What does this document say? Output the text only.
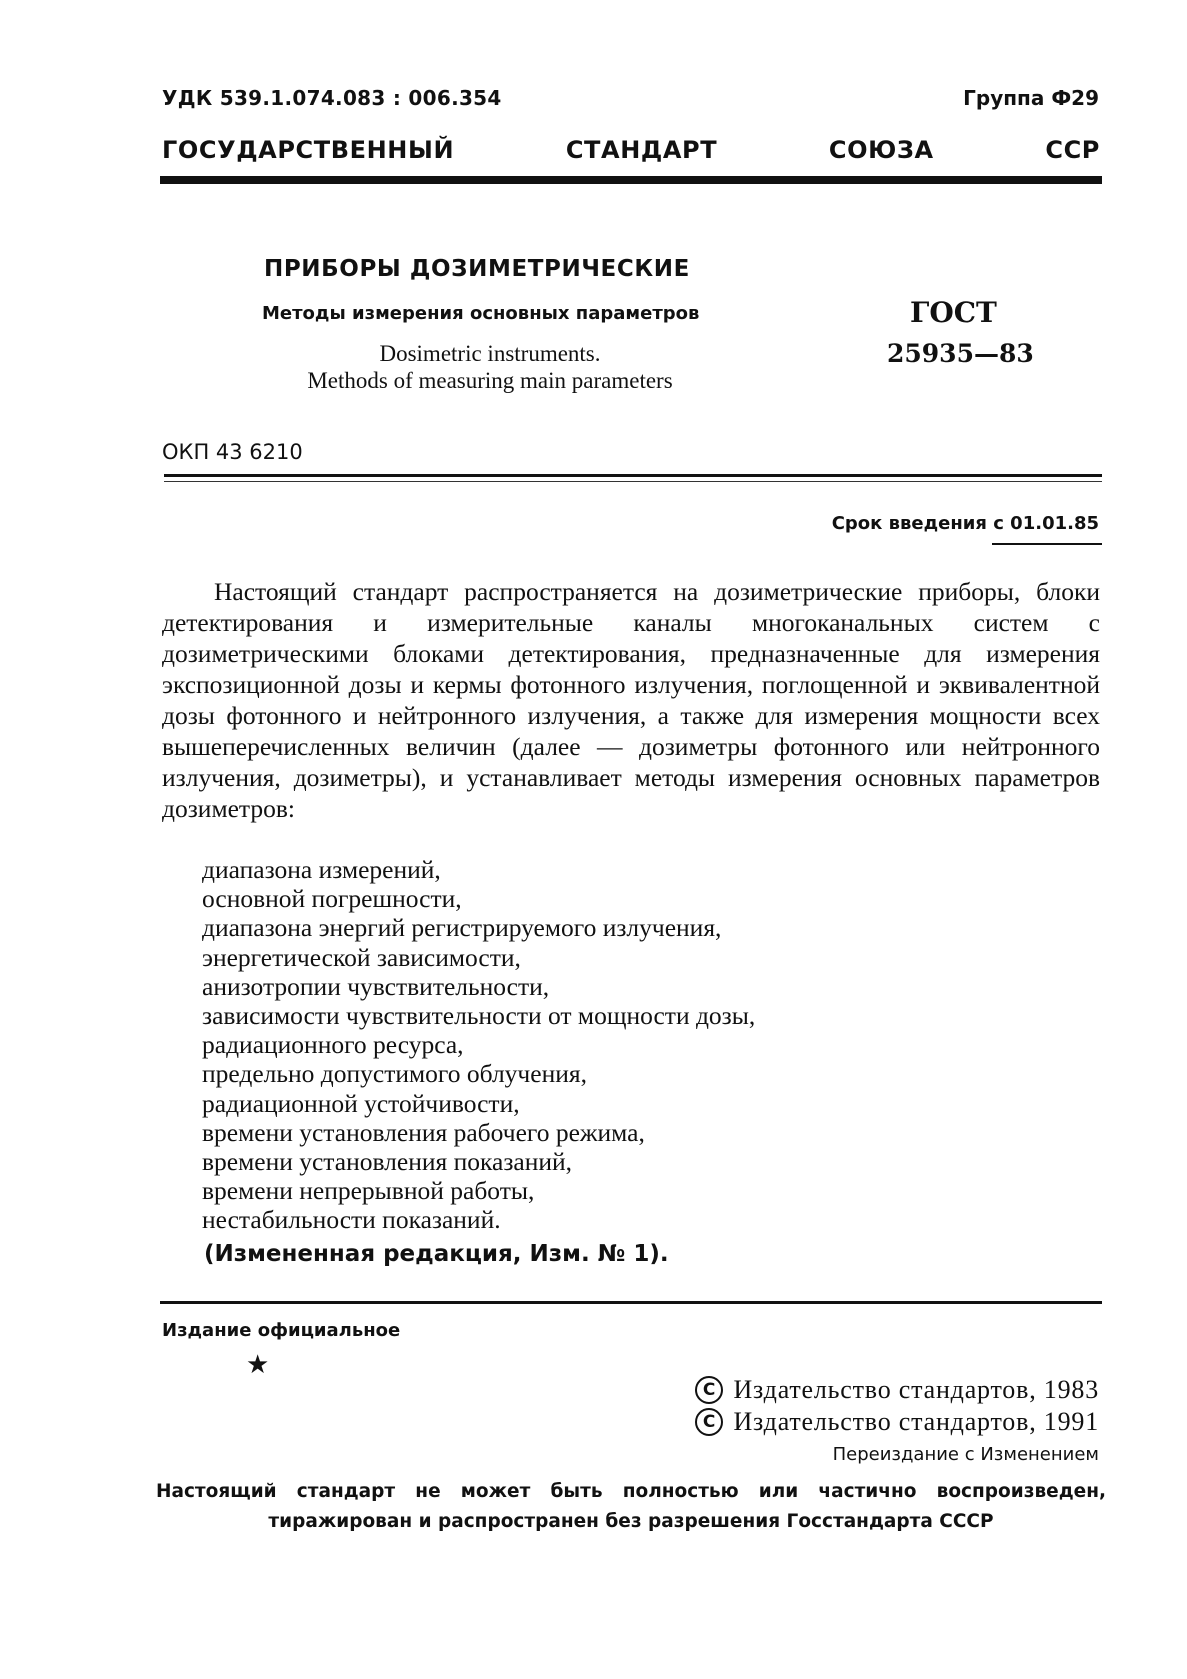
УДК 539.1.074.083 : 006.354	Группа Ф29
ГОСУДАРСТВЕННЫЙ СТАНДАРТ СОЮЗА ССР
ПРИБОРЫ ДОЗИМЕТРИЧЕСКИЕ
Методы измерения основных параметров
Dosimetric instruments.
Methods of measuring main parameters
ГОСТ
25935—83
ОКП 43 6210
Срок введения с 01.01.85

Настоящий стандарт распространяется на дозиметрические приборы, блоки детектирования и измерительные каналы многоканальных систем с дозиметрическими блоками детектирования, предназначенные для измерения экспозиционной дозы и кермы фотонного излучения, поглощенной и эквивалентной дозы фотонного и нейтронного излучения, а также для измерения мощности всех вышеперечисленных величин (далее — дозиметры фотонного или нейтронного излучения, дозиметры), и устанавливает методы измерения основных параметров дозиметров:

диапазона измерений,
основной погрешности,
диапазона энергий регистрируемого излучения,
энергетической зависимости,
анизотропии чувствительности,
зависимости чувствительности от мощности дозы,
радиационного ресурса,
предельно допустимого облучения,
радиационной устойчивости,
времени установления рабочего режима,
времени установления показаний,
времени непрерывной работы,
нестабильности показаний.
(Измененная редакция, Изм. № 1).
Издание официальное
★
C Издательство стандартов, 1983
C Издательство стандартов, 1991
Переиздание с Изменением
Настоящий стандарт не может быть полностью или частично воспроизведен,
тиражирован и распространен без разрешения Госстандарта СССР
